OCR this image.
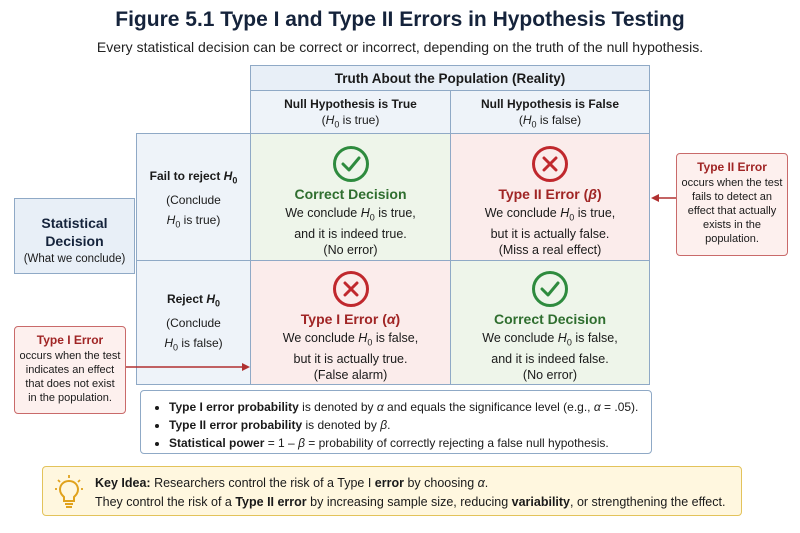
Figure 5.1 Type I and Type II Errors in Hypothesis Testing
Every statistical decision can be correct or incorrect, depending on the truth of the null hypothesis.
Truth About the Population (Reality)
Null Hypothesis is True
($H_0$ is true)
Null Hypothesis is False
($H_0$ is false)
Statistical Decision
(What we conclude)
Fail to reject $H_0$
(Conclude
$H_0$ is true)
Reject $H_0$
(Conclude
$H_0$ is false)
Correct Decision
We conclude $H_0$ is true,
and it is indeed true.
(No error)
Type II Error (β)
We conclude $H_0$ is true,
but it is actually false.
(Miss a real effect)
Type I Error (α)
We conclude $H_0$ is false,
but it is actually true.
(False alarm)
Correct Decision
We conclude $H_0$ is false,
and it is indeed false.
(No error)
Type II Error
occurs when the test
fails to detect an
effect that actually
exists in the
population.
Type I Error
occurs when the test
indicates an effect
that does not exist
in the population.
• Type I error probability is denoted by α and equals the significance level (e.g., α = .05).
• Type II error probability is denoted by β.
• Statistical power = 1 – β = probability of correctly rejecting a false null hypothesis.
Key Idea: Researchers control the risk of a Type I error by choosing α.
They control the risk of a Type II error by increasing sample size, reducing variability, or strengthening the effect.
